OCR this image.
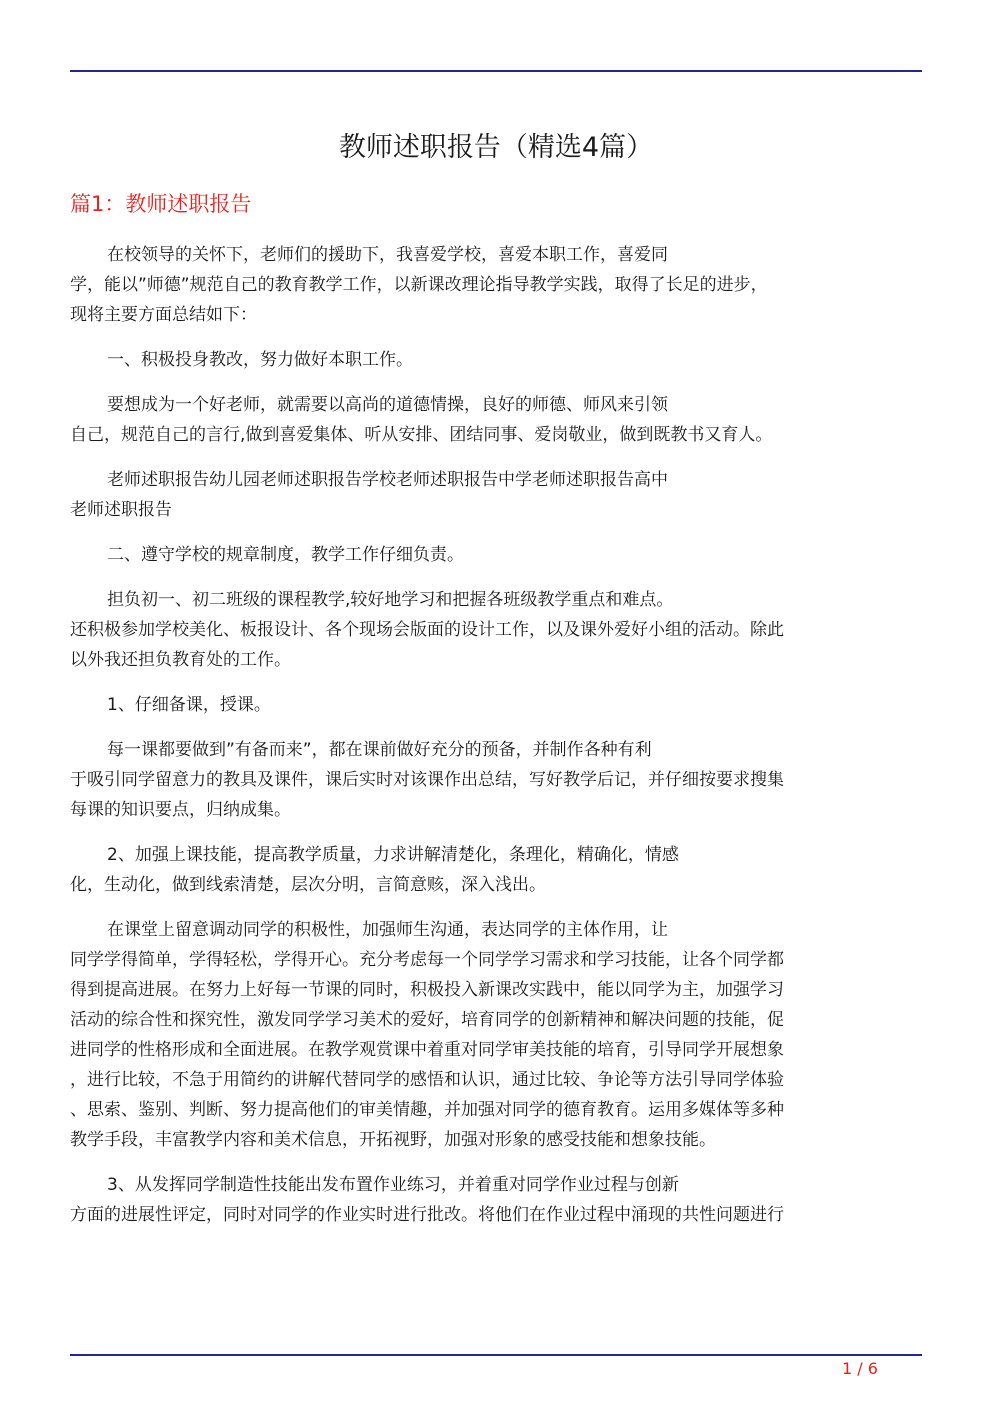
教师述职报告（精选4篇）
篇1：教师述职报告

在校领导的关怀下，老师们的援助下，我喜爱学校，喜爱本职工作，喜爱同
学，能以”师德”规范自己的教育教学工作，以新课改理论指导教学实践，取得了长足的进步，
现将主要方面总结如下：

一、积极投身教改，努力做好本职工作。

要想成为一个好老师，就需要以高尚的道德情操，良好的师德、师风来引领
自己，规范自己的言行,做到喜爱集体、听从安排、团结同事、爱岗敬业，做到既教书又育人。

老师述职报告幼儿园老师述职报告学校老师述职报告中学老师述职报告高中
老师述职报告

二、遵守学校的规章制度，教学工作仔细负责。

担负初一、初二班级的课程教学,较好地学习和把握各班级教学重点和难点。
还积极参加学校美化、板报设计、各个现场会版面的设计工作，以及课外爱好小组的活动。除此
以外我还担负教育处的工作。

1、仔细备课，授课。

每一课都要做到”有备而来”，都在课前做好充分的预备，并制作各种有利
于吸引同学留意力的教具及课件，课后实时对该课作出总结，写好教学后记，并仔细按要求搜集
每课的知识要点，归纳成集。

2、加强上课技能，提高教学质量，力求讲解清楚化，条理化，精确化，情感
化，生动化，做到线索清楚，层次分明，言简意赅，深入浅出。

在课堂上留意调动同学的积极性，加强师生沟通，表达同学的主体作用，让
同学学得简单，学得轻松，学得开心。充分考虑每一个同学学习需求和学习技能，让各个同学都
得到提高进展。在努力上好每一节课的同时，积极投入新课改实践中，能以同学为主，加强学习
活动的综合性和探究性，激发同学学习美术的爱好，培育同学的创新精神和解决问题的技能，促
进同学的性格形成和全面进展。在教学观赏课中着重对同学审美技能的培育，引导同学开展想象
，进行比较，不急于用简约的讲解代替同学的感悟和认识，通过比较、争论等方法引导同学体验
、思索、鉴别、判断、努力提高他们的审美情趣，并加强对同学的德育教育。运用多媒体等多种
教学手段，丰富教学内容和美术信息，开拓视野，加强对形象的感受技能和想象技能。

3、从发挥同学制造性技能出发布置作业练习，并着重对同学作业过程与创新
方面的进展性评定，同时对同学的作业实时进行批改。将他们在作业过程中涌现的共性问题进行

1 / 6
